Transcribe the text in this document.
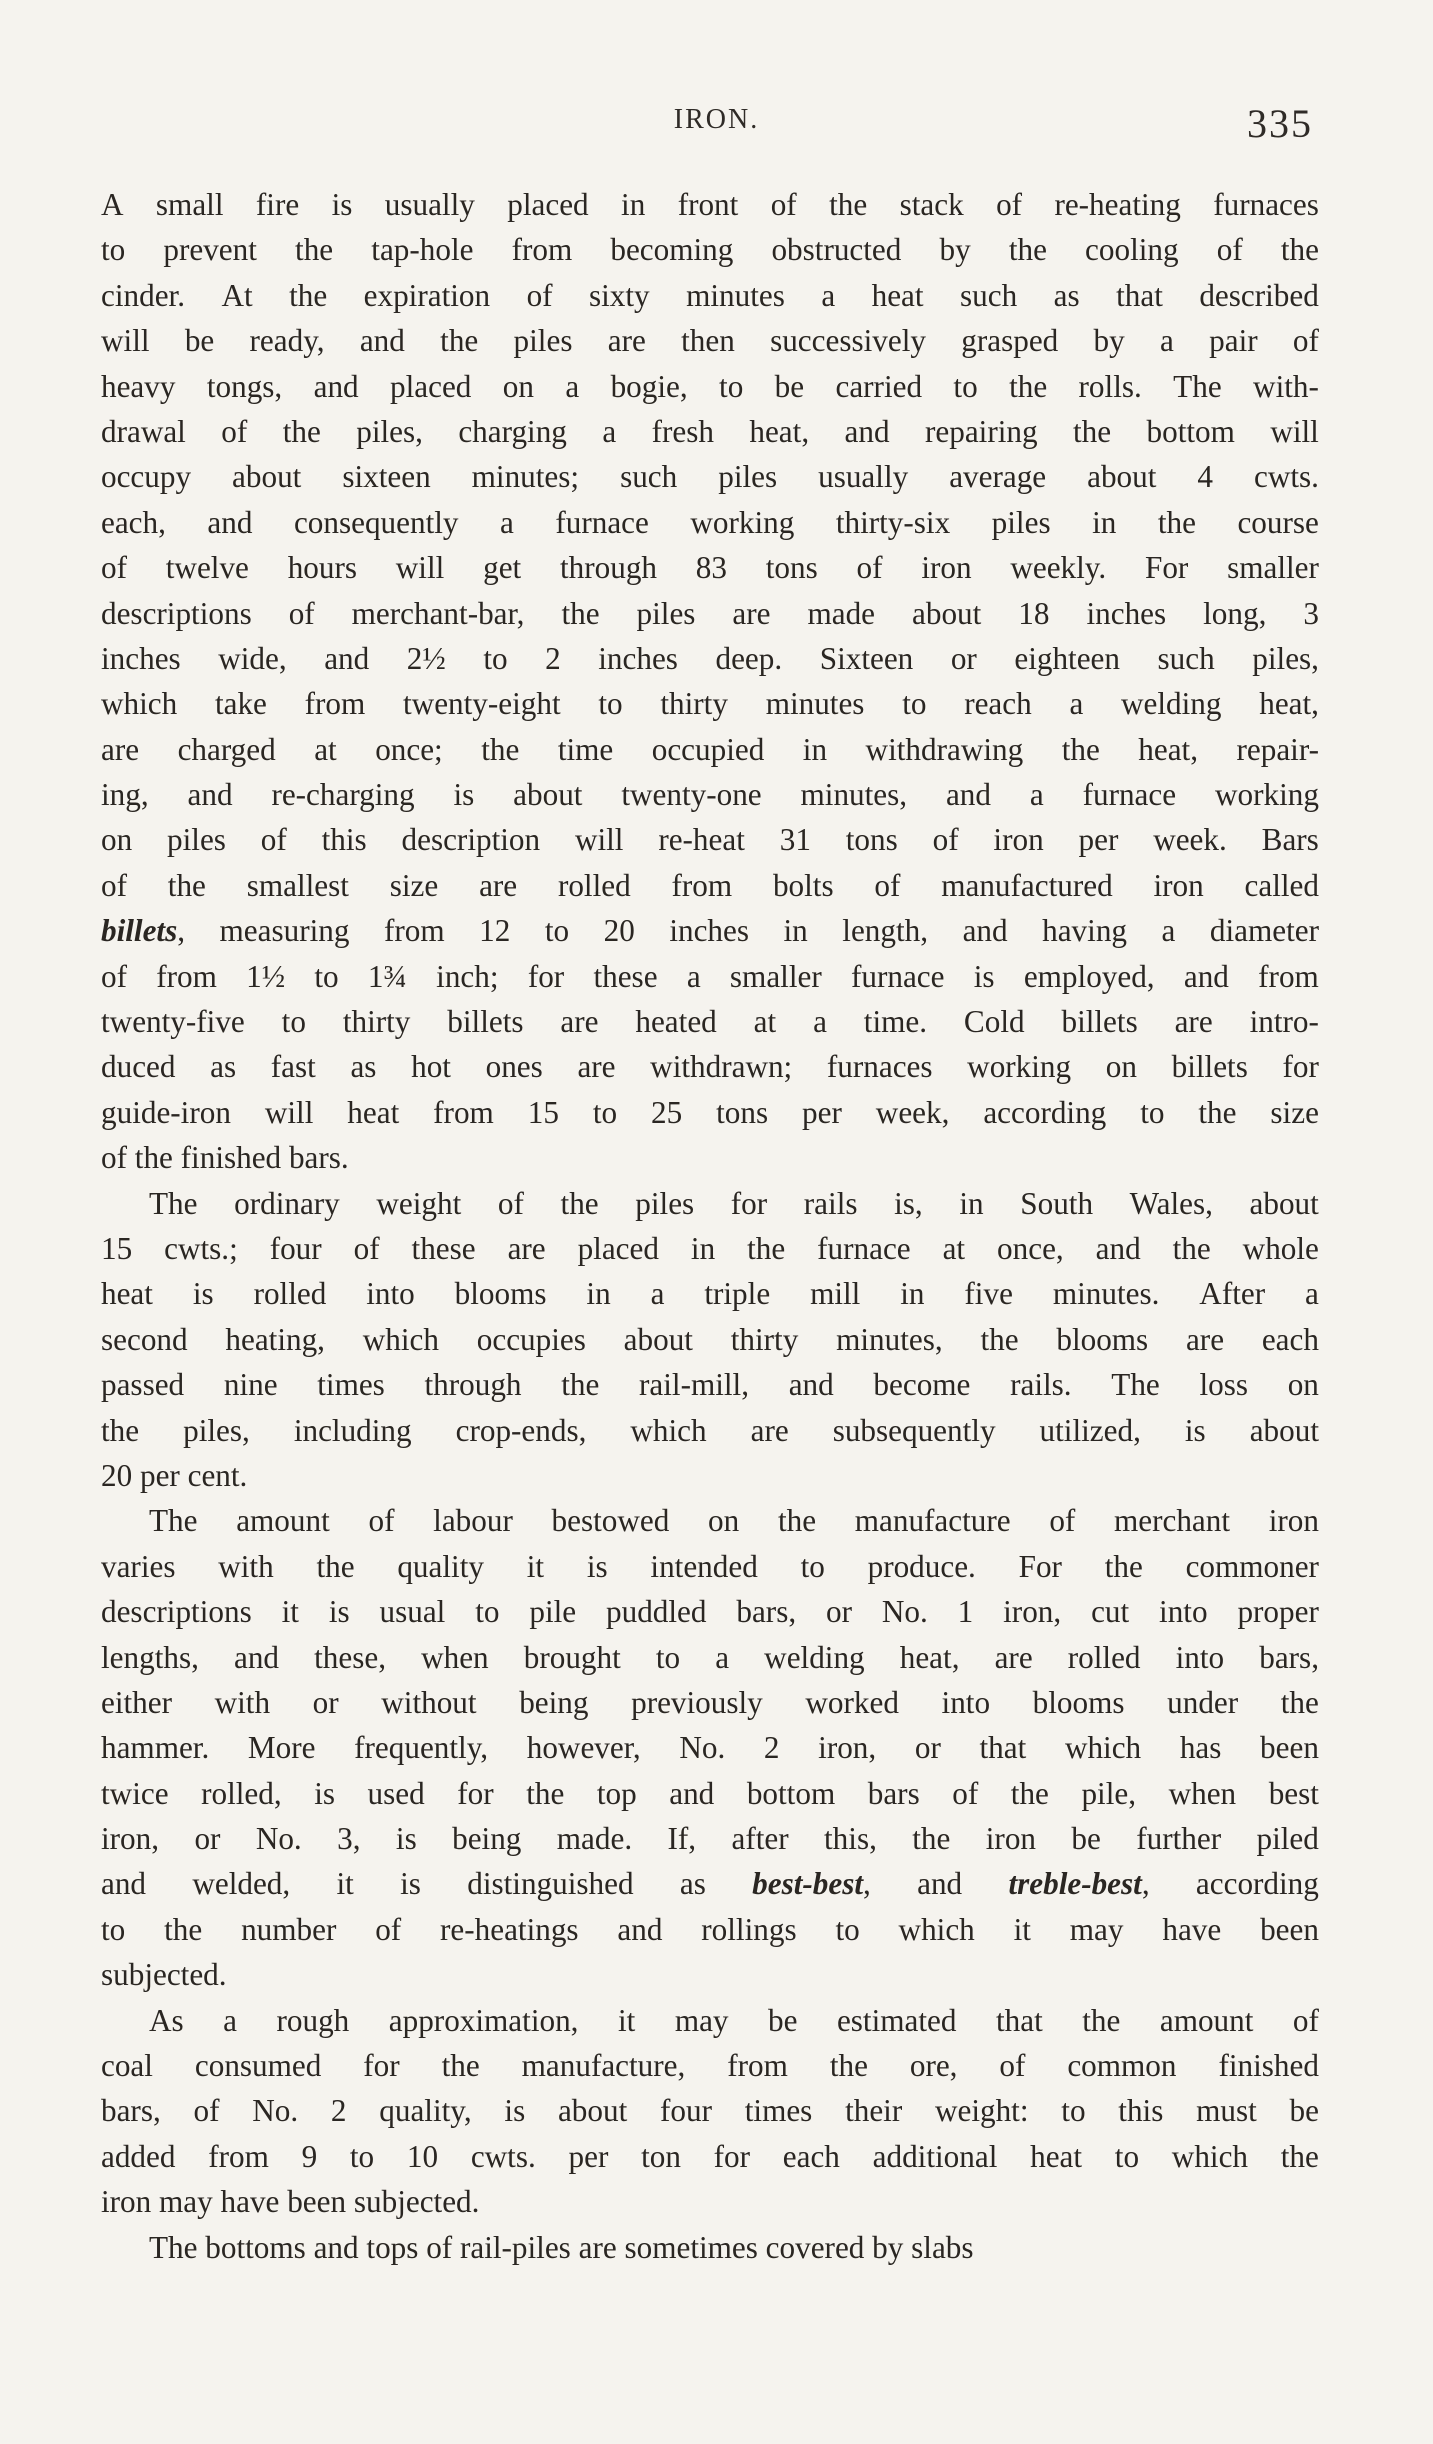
IRON.	335
A small fire is usually placed in front of the stack of re-heating furnaces
to prevent the tap-hole from becoming obstructed by the cooling of the
cinder. At the expiration of sixty minutes a heat such as that described
will be ready, and the piles are then successively grasped by a pair of
heavy tongs, and placed on a bogie, to be carried to the rolls. The with-
drawal of the piles, charging a fresh heat, and repairing the bottom will
occupy about sixteen minutes; such piles usually average about 4 cwts.
each, and consequently a furnace working thirty-six piles in the course
of twelve hours will get through 83 tons of iron weekly. For smaller
descriptions of merchant-bar, the piles are made about 18 inches long, 3
inches wide, and 2½ to 2 inches deep. Sixteen or eighteen such piles,
which take from twenty-eight to thirty minutes to reach a welding heat,
are charged at once; the time occupied in withdrawing the heat, repair-
ing, and re-charging is about twenty-one minutes, and a furnace working
on piles of this description will re-heat 31 tons of iron per week. Bars
of the smallest size are rolled from bolts of manufactured iron called
billets, measuring from 12 to 20 inches in length, and having a diameter
of from 1½ to 1¾ inch; for these a smaller furnace is employed, and from
twenty-five to thirty billets are heated at a time. Cold billets are intro-
duced as fast as hot ones are withdrawn; furnaces working on billets for
guide-iron will heat from 15 to 25 tons per week, according to the size
of the finished bars.
The ordinary weight of the piles for rails is, in South Wales, about
15 cwts.; four of these are placed in the furnace at once, and the whole
heat is rolled into blooms in a triple mill in five minutes. After a
second heating, which occupies about thirty minutes, the blooms are each
passed nine times through the rail-mill, and become rails. The loss on
the piles, including crop-ends, which are subsequently utilized, is about
20 per cent.
The amount of labour bestowed on the manufacture of merchant iron
varies with the quality it is intended to produce. For the commoner
descriptions it is usual to pile puddled bars, or No. 1 iron, cut into proper
lengths, and these, when brought to a welding heat, are rolled into bars,
either with or without being previously worked into blooms under the
hammer. More frequently, however, No. 2 iron, or that which has been
twice rolled, is used for the top and bottom bars of the pile, when best
iron, or No. 3, is being made. If, after this, the iron be further piled
and welded, it is distinguished as best-best, and treble-best, according
to the number of re-heatings and rollings to which it may have been
subjected.
As a rough approximation, it may be estimated that the amount of
coal consumed for the manufacture, from the ore, of common finished
bars, of No. 2 quality, is about four times their weight: to this must be
added from 9 to 10 cwts. per ton for each additional heat to which the
iron may have been subjected.
The bottoms and tops of rail-piles are sometimes covered by slabs
